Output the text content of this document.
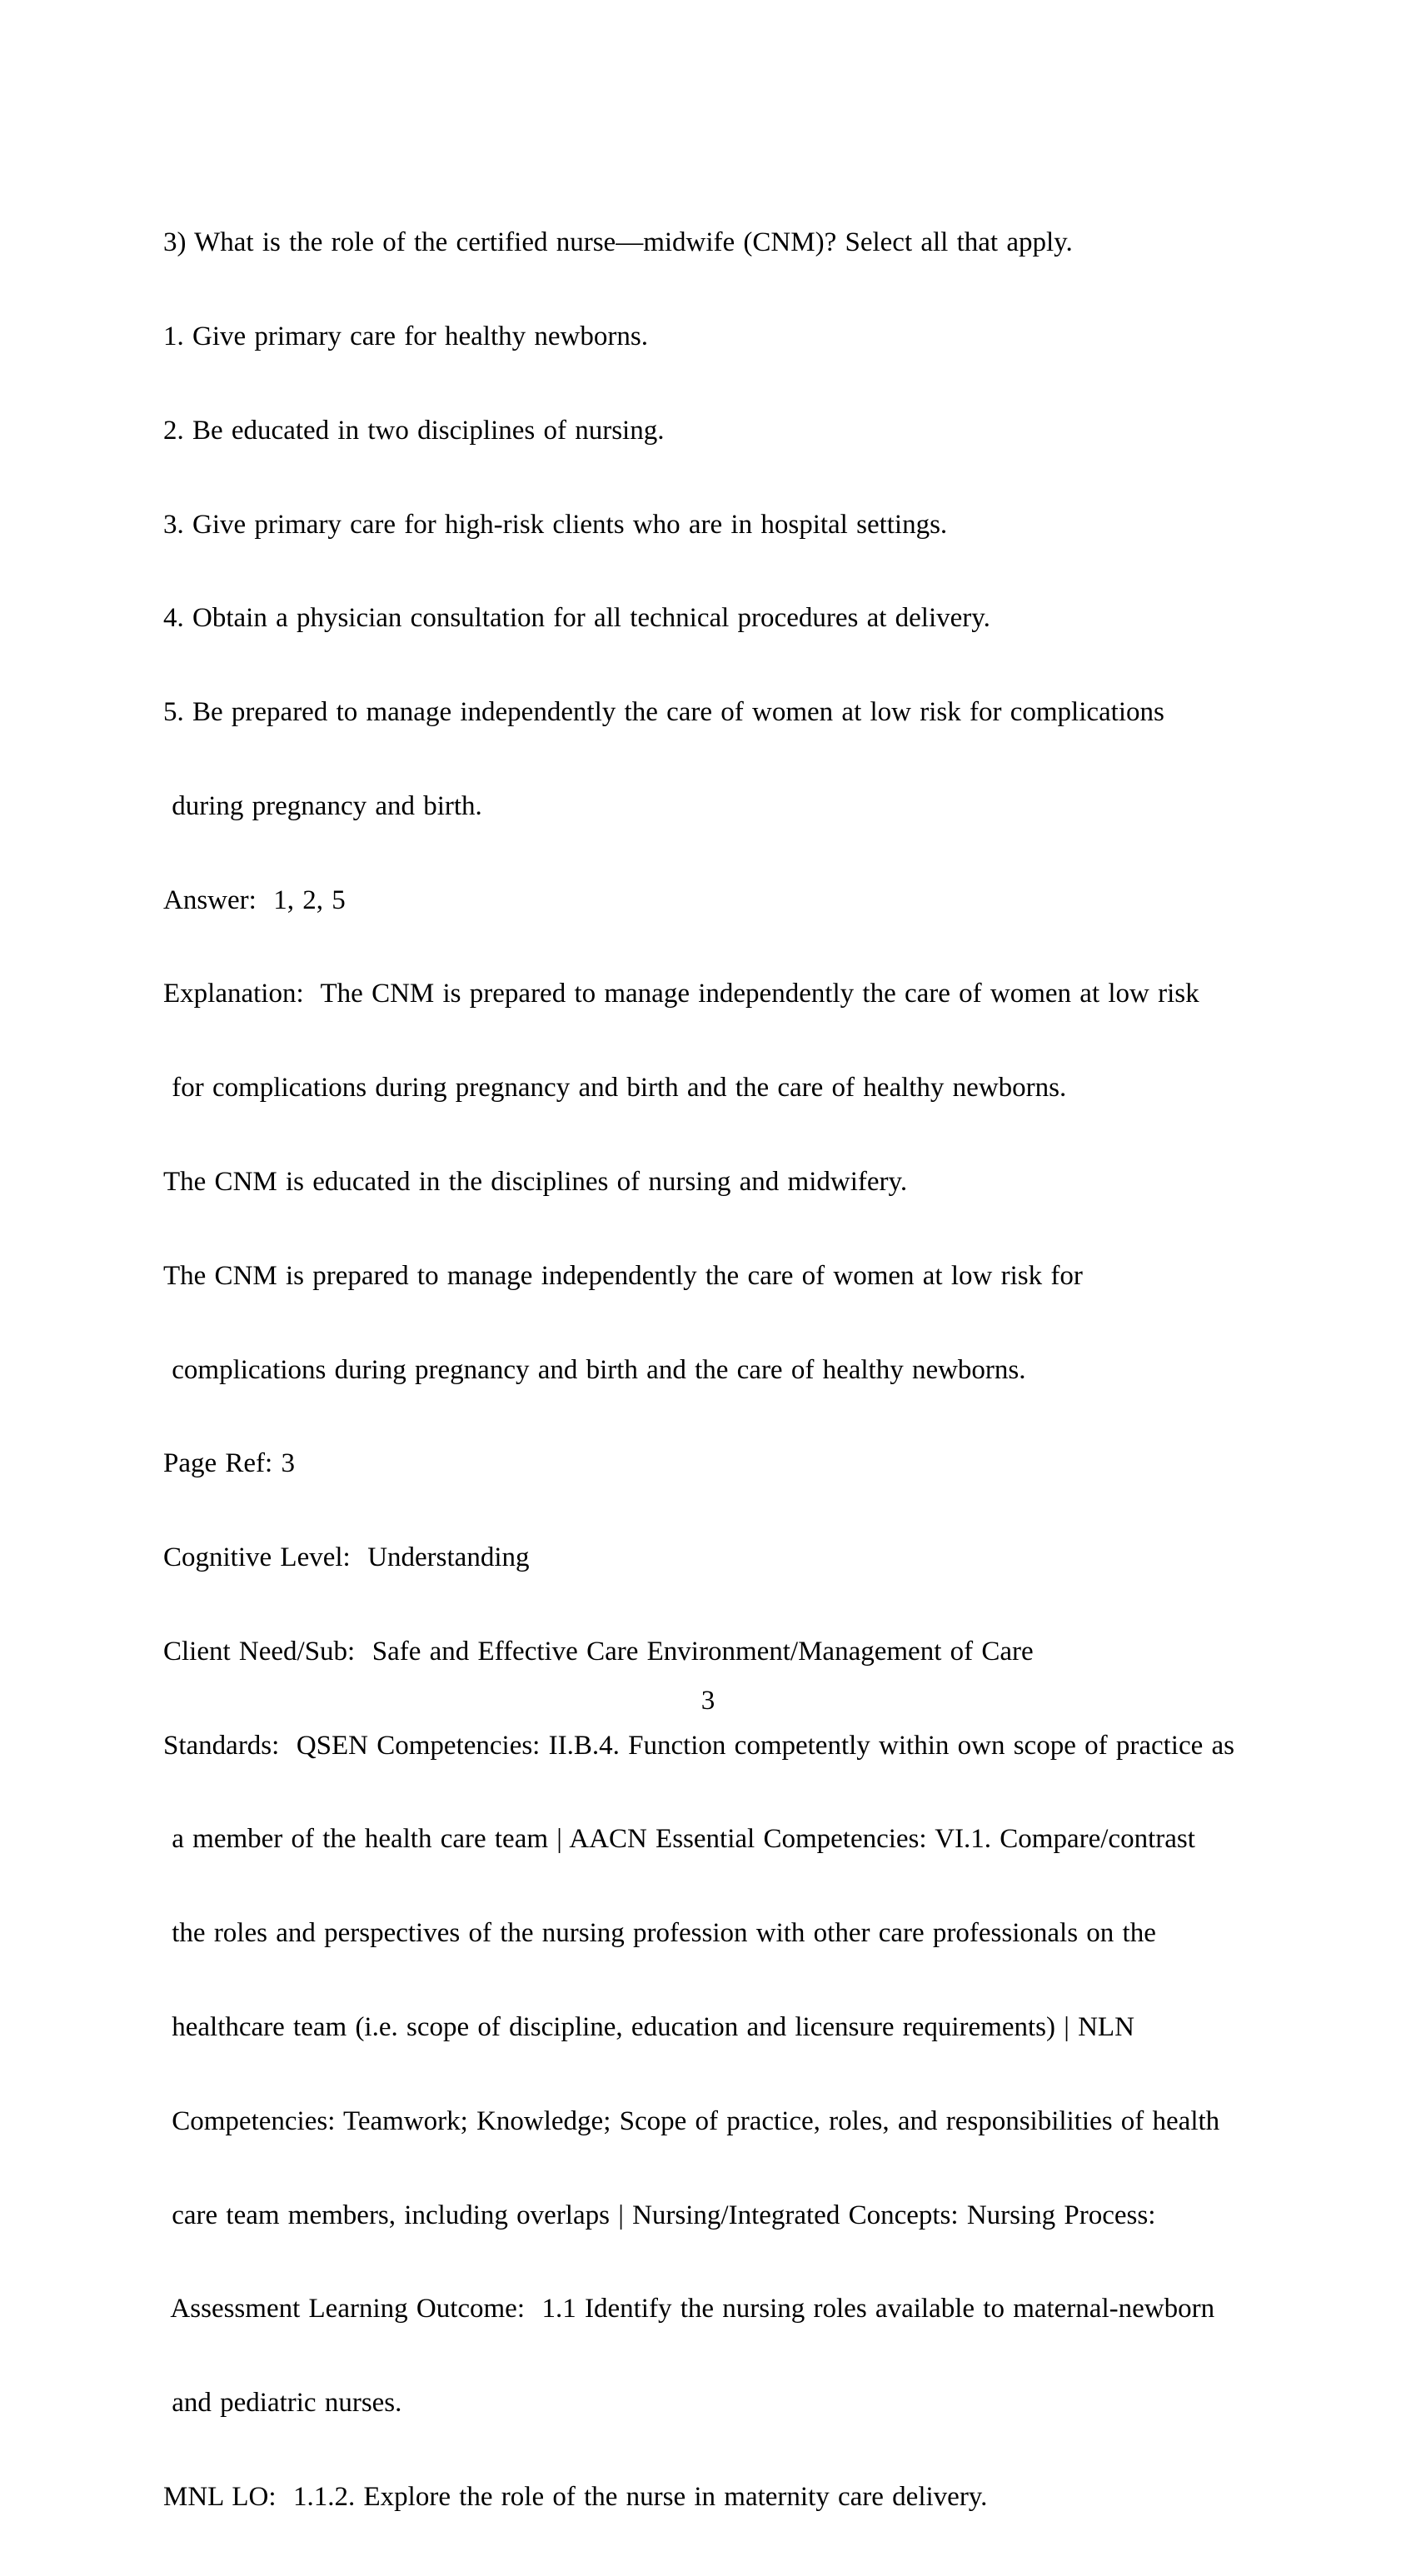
3) What is the role of the certified nurse—midwife (CNM)? Select all that apply.

1. Give primary care for healthy newborns.

2. Be educated in two disciplines of nursing.

3. Give primary care for high-risk clients who are in hospital settings.

4. Obtain a physician consultation for all technical procedures at delivery.

5. Be prepared to manage independently the care of women at low risk for complications

during pregnancy and birth.

Answer:  1, 2, 5

Explanation:  The CNM is prepared to manage independently the care of women at low risk

for complications during pregnancy and birth and the care of healthy newborns.

The CNM is educated in the disciplines of nursing and midwifery.

The CNM is prepared to manage independently the care of women at low risk for

complications during pregnancy and birth and the care of healthy newborns.

Page Ref: 3

Cognitive Level:  Understanding

Client Need/Sub:  Safe and Effective Care Environment/Management of Care

Standards:  QSEN Competencies: II.B.4. Function competently within own scope of practice as

a member of the health care team | AACN Essential Competencies: VI.1. Compare/contrast

the roles and perspectives of the nursing profession with other care professionals on the

healthcare team (i.e. scope of discipline, education and licensure requirements) | NLN

Competencies: Teamwork; Knowledge; Scope of practice, roles, and responsibilities of health

care team members, including overlaps | Nursing/Integrated Concepts: Nursing Process:

Assessment Learning Outcome:  1.1 Identify the nursing roles available to maternal-newborn

and pediatric nurses.

MNL LO:  1.1.2. Explore the role of the nurse in maternity care delivery.

3
